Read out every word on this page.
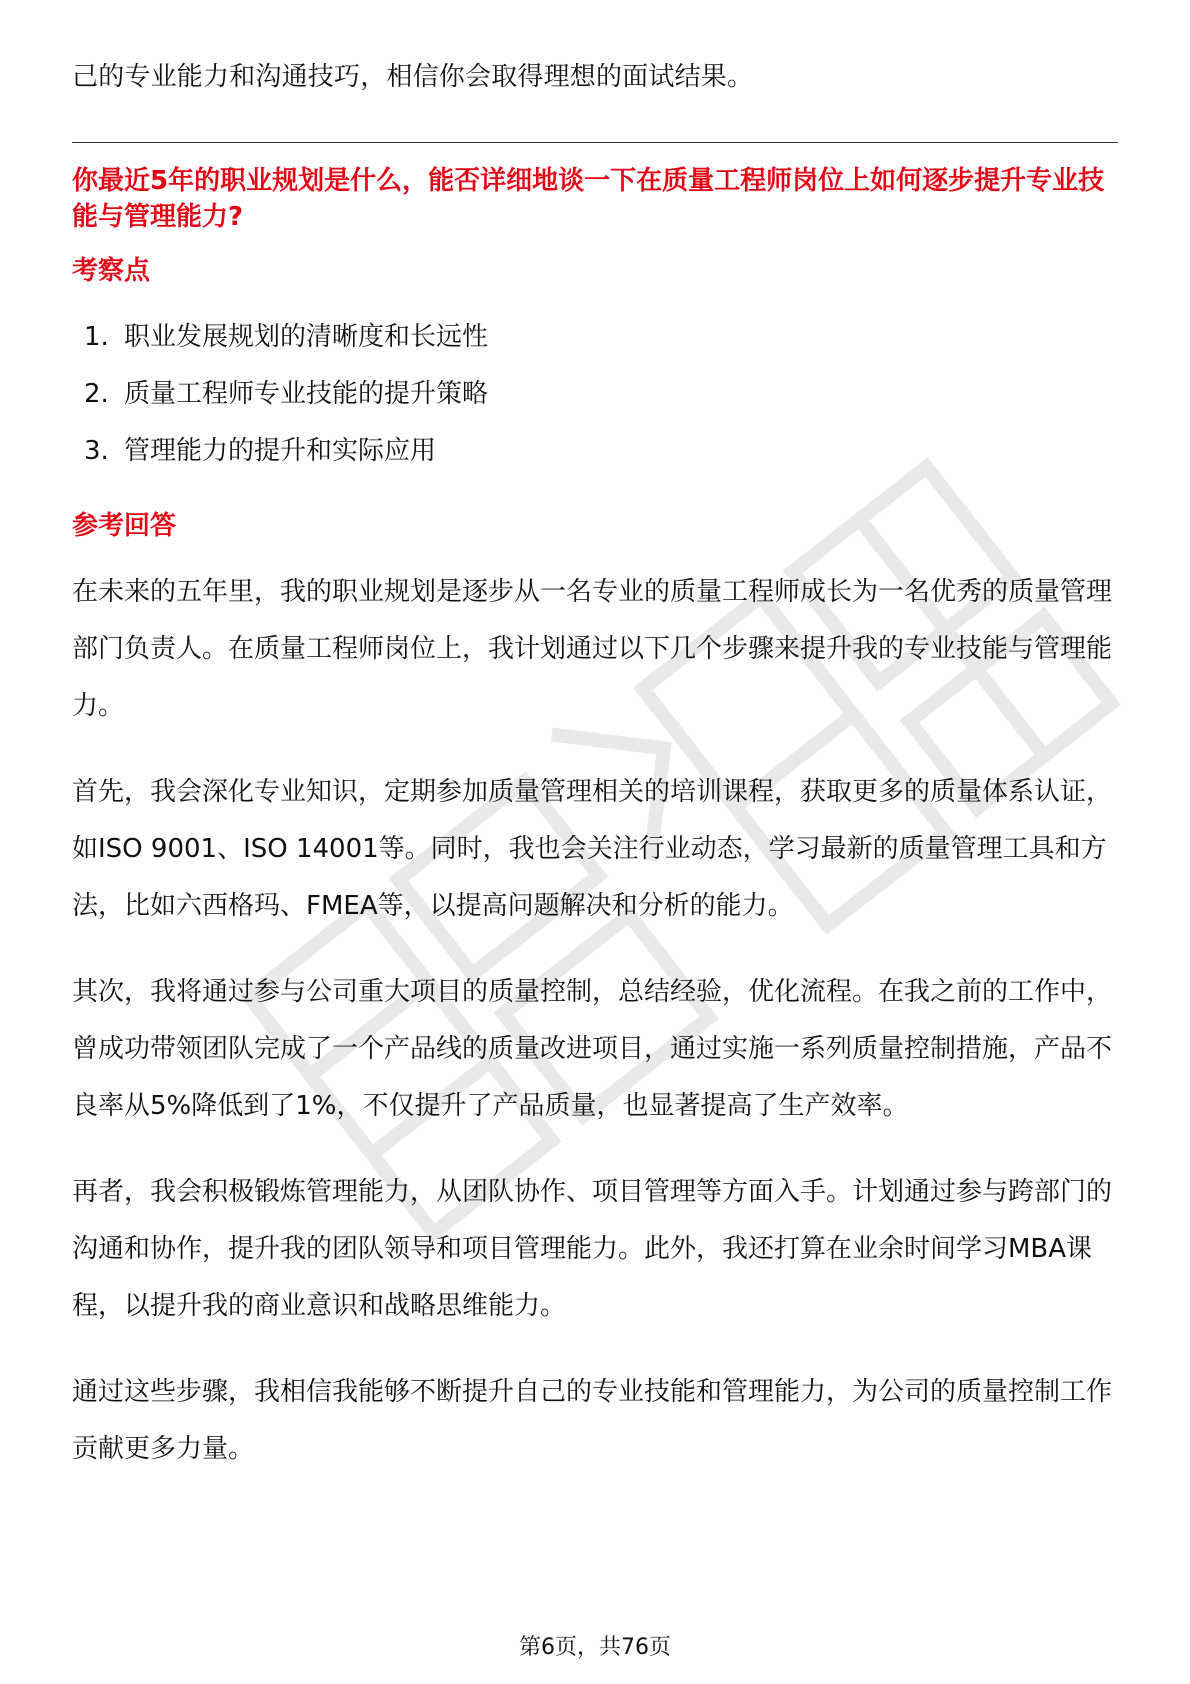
己的专业能力和沟通技巧，相信你会取得理想的面试结果。

你最近5年的职业规划是什么，能否详细地谈一下在质量工程师岗位上如何逐步提升专业技能与管理能力?

考察点
1. 职业发展规划的清晰度和长远性
2. 质量工程师专业技能的提升策略
3. 管理能力的提升和实际应用
参考回答

在未来的五年里，我的职业规划是逐步从一名专业的质量工程师成长为一名优秀的质量管理部门负责人。在质量工程师岗位上，我计划通过以下几个步骤来提升我的专业技能与管理能力。

首先，我会深化专业知识，定期参加质量管理相关的培训课程，获取更多的质量体系认证，如ISO 9001、ISO 14001等。同时，我也会关注行业动态，学习最新的质量管理工具和方法，比如六西格玛、FMEA等，以提高问题解决和分析的能力。

其次，我将通过参与公司重大项目的质量控制，总结经验，优化流程。在我之前的工作中，曾成功带领团队完成了一个产品线的质量改进项目，通过实施一系列质量控制措施，产品不良率从5%降低到了1%，不仅提升了产品质量，也显著提高了生产效率。

再者，我会积极锻炼管理能力，从团队协作、项目管理等方面入手。计划通过参与跨部门的沟通和协作，提升我的团队领导和项目管理能力。此外，我还打算在业余时间学习MBA课程，以提升我的商业意识和战略思维能力。

通过这些步骤，我相信我能够不断提升自己的专业技能和管理能力，为公司的质量控制工作贡献更多力量。

第6页，共76页
